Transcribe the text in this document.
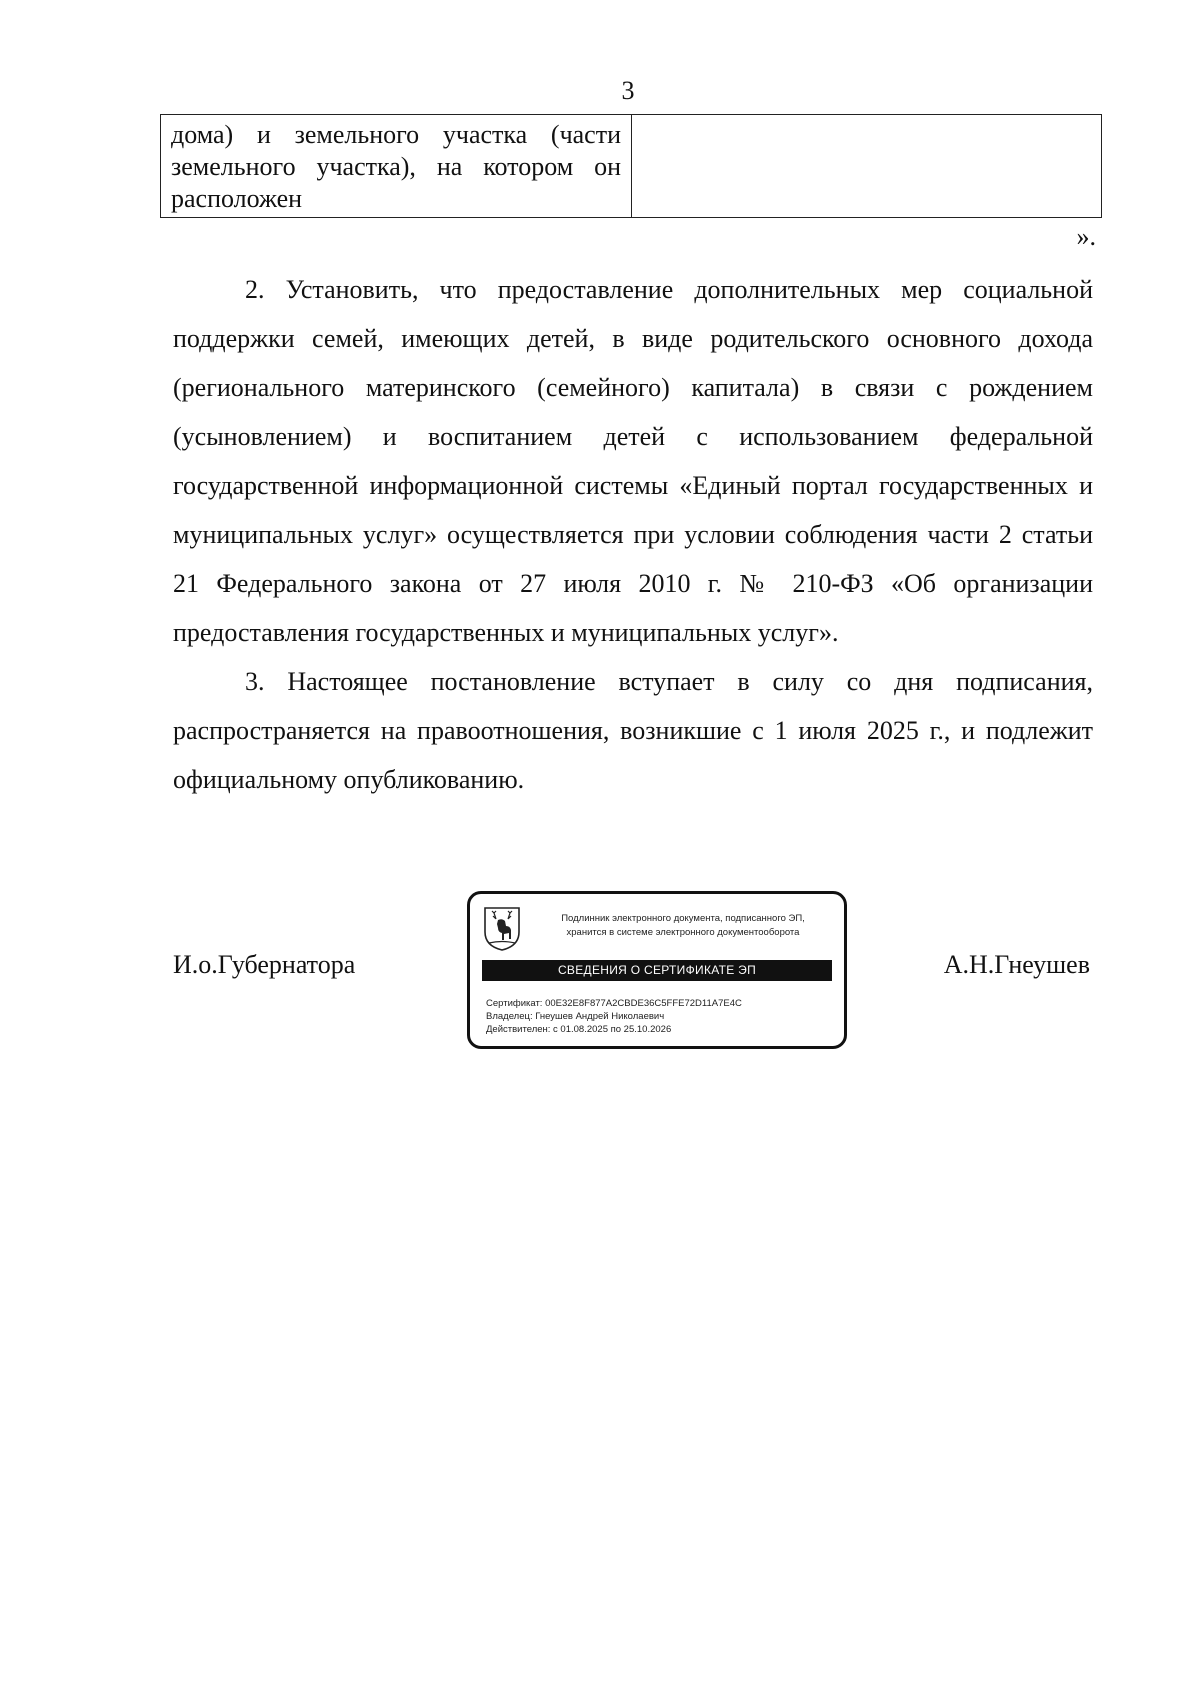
3
дома) и земельного участка (части земельного участка), на котором он расположен	
».

2. Установить, что предоставление дополнительных мер социальной поддержки семей, имеющих детей, в виде родительского основного дохода (регионального материнского (семейного) капитала) в связи с рождением (усыновлением) и воспитанием детей с использованием федеральной государственной информационной системы «Единый портал государственных и муниципальных услуг» осуществляется при условии соблюдения части 2 статьи 21 Федерального закона от 27 июля 2010 г. № 210-ФЗ «Об организации предоставления государственных и муниципальных услуг».

3. Настоящее постановление вступает в силу со дня подписания, распространяется на правоотношения, возникшие с 1 июля 2025 г., и подлежит официальному опубликованию.

И.о.Губернатора
Подлинник электронного документа, подписанного ЭП,
хранится в системе электронного документооборота
СВЕДЕНИЯ О СЕРТИФИКАТЕ ЭП
Сертификат: 00E32E8F877A2CBDE36C5FFE72D11A7E4C
Владелец: Гнеушев Андрей Николаевич
Действителен: с 01.08.2025 по 25.10.2026
А.Н.Гнеушев
